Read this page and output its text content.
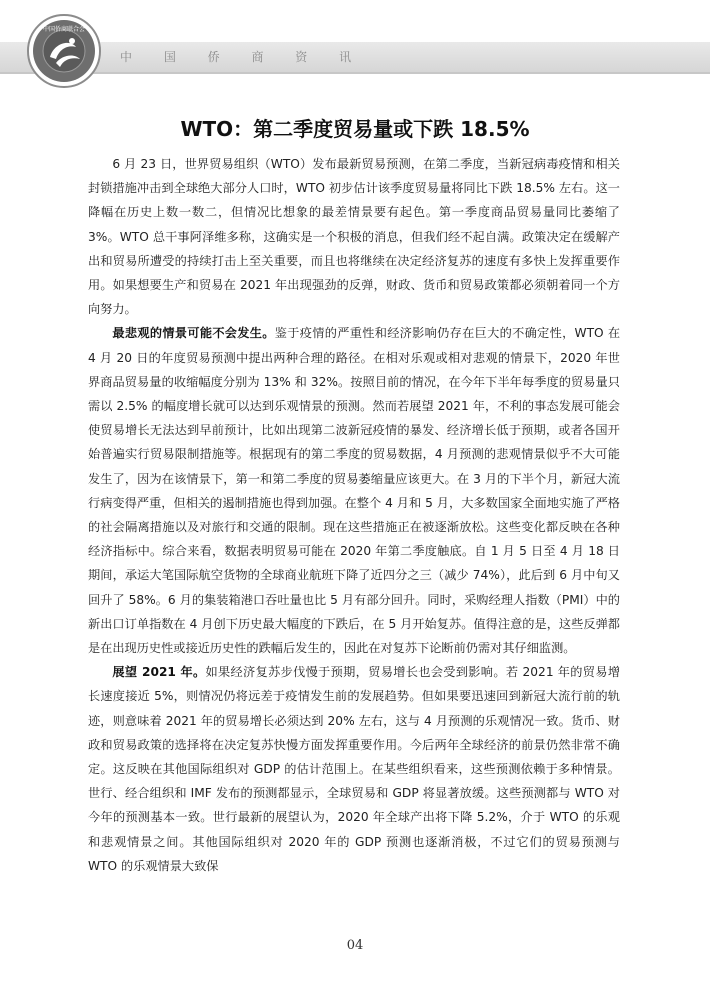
中国侨商联合会
中 国 侨 商 资 讯
WTO：第二季度贸易量或下跌 18.5%

6 月 23 日，世界贸易组织（WTO）发布最新贸易预测，在第二季度，当新冠病毒疫情和相关封锁措施冲击到全球绝大部分人口时，WTO 初步估计该季度贸易量将同比下跌 18.5% 左右。这一降幅在历史上数一数二，但情况比想象的最差情景要有起色。第一季度商品贸易量同比萎缩了 3%。WTO 总干事阿泽维多称，这确实是一个积极的消息，但我们经不起自满。政策决定在缓解产出和贸易所遭受的持续打击上至关重要，而且也将继续在决定经济复苏的速度有多快上发挥重要作用。如果想要生产和贸易在 2021 年出现强劲的反弹，财政、货币和贸易政策都必须朝着同一个方向努力。

最悲观的情景可能不会发生。鉴于疫情的严重性和经济影响仍存在巨大的不确定性，WTO 在 4 月 20 日的年度贸易预测中提出两种合理的路径。在相对乐观或相对悲观的情景下，2020 年世界商品贸易量的收缩幅度分别为 13% 和 32%。按照目前的情况，在今年下半年每季度的贸易量只需以 2.5% 的幅度增长就可以达到乐观情景的预测。然而若展望 2021 年，不利的事态发展可能会使贸易增长无法达到早前预计，比如出现第二波新冠疫情的暴发、经济增长低于预期，或者各国开始普遍实行贸易限制措施等。根据现有的第二季度的贸易数据，4 月预测的悲观情景似乎不大可能发生了，因为在该情景下，第一和第二季度的贸易萎缩量应该更大。在 3 月的下半个月，新冠大流行病变得严重，但相关的遏制措施也得到加强。在整个 4 月和 5 月，大多数国家全面地实施了严格的社会隔离措施以及对旅行和交通的限制。现在这些措施正在被逐渐放松。这些变化都反映在各种经济指标中。综合来看，数据表明贸易可能在 2020 年第二季度触底。自 1 月 5 日至 4 月 18 日期间，承运大笔国际航空货物的全球商业航班下降了近四分之三（减少 74%），此后到 6 月中旬又回升了 58%。6 月的集装箱港口吞吐量也比 5 月有部分回升。同时，采购经理人指数（PMI）中的新出口订单指数在 4 月创下历史最大幅度的下跌后，在 5 月开始复苏。值得注意的是，这些反弹都是在出现历史性或接近历史性的跌幅后发生的，因此在对复苏下论断前仍需对其仔细监测。

展望 2021 年。如果经济复苏步伐慢于预期，贸易增长也会受到影响。若 2021 年的贸易增长速度接近 5%，则情况仍将远差于疫情发生前的发展趋势。但如果要迅速回到新冠大流行前的轨迹，则意味着 2021 年的贸易增长必须达到 20% 左右，这与 4 月预测的乐观情况一致。货币、财政和贸易政策的选择将在决定复苏快慢方面发挥重要作用。今后两年全球经济的前景仍然非常不确定。这反映在其他国际组织对 GDP 的估计范围上。在某些组织看来，这些预测依赖于多种情景。世行、经合组织和 IMF 发布的预测都显示，全球贸易和 GDP 将显著放缓。这些预测都与 WTO 对今年的预测基本一致。世行最新的展望认为，2020 年全球产出将下降 5.2%，介于 WTO 的乐观和悲观情景之间。其他国际组织对 2020 年的 GDP 预测也逐渐消极，不过它们的贸易预测与 WTO 的乐观情景大致保

04
